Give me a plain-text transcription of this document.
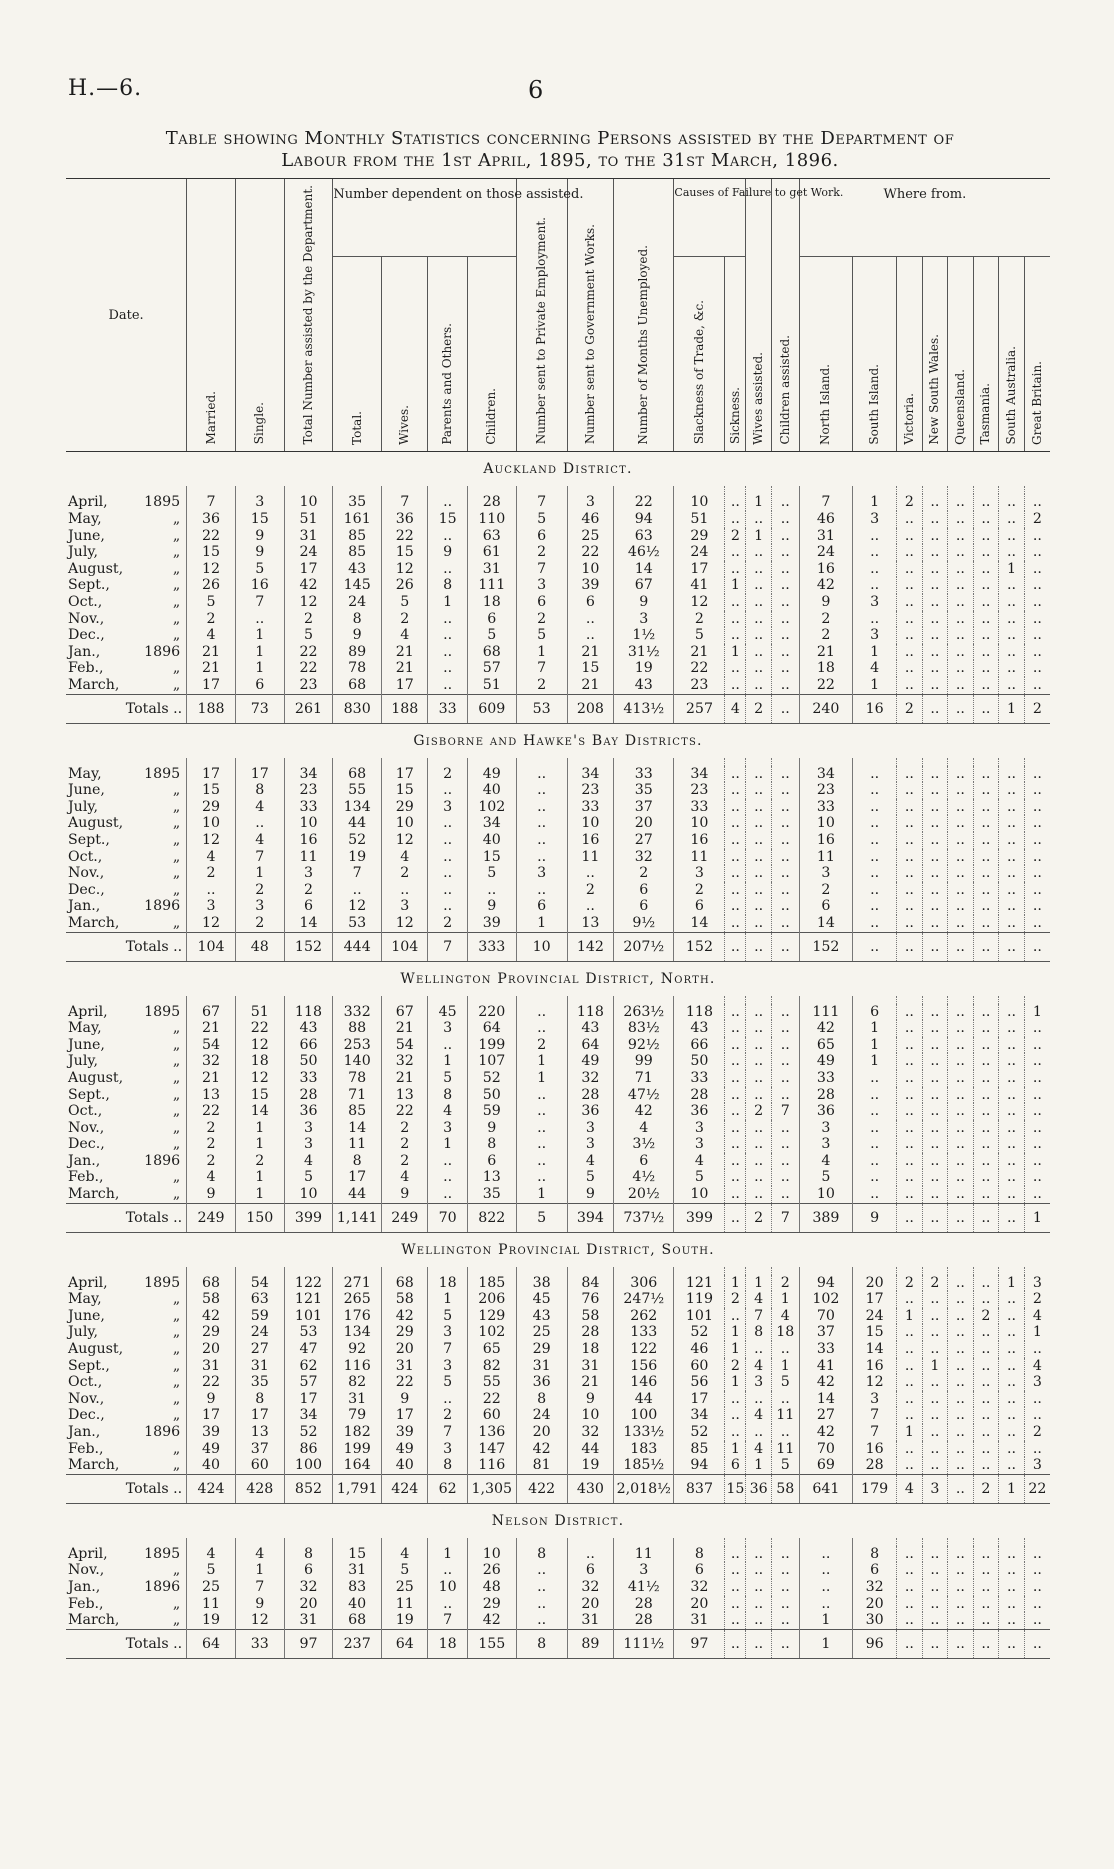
H.—6.	6
Table showing Monthly Statistics concerning Persons assisted by the Department of
Labour from the 1st April, 1895, to the 31st March, 1896.
Date.		Married.	Single.	Total Number assisted by the Department.	Number dependent on those assisted.				Number sent to Private Employment.	Number sent to Government Works.	Number of Months Unemployed.	Causes of Failure to get Work.		Wives assisted.	Children assisted.	Where from.							
					Total.	Wives.	Parents and Others.	Children.				Slackness of Trade, &c.	Sickness.			North Island.	South Island.	Victoria.	New South Wales.	Queensland.	Tasmania.	South Australia.	Great Britain.
Auckland District.																							

April,	1895	7	3	10	35	7	..	28	7	3	22	10	..	1	..	7	1	2	..	..	..	..	..
May,	„	36	15	51	161	36	15	110	5	46	94	51	..	..	..	46	3	..	..	..	..	..	2
June,	„	22	9	31	85	22	..	63	6	25	63	29	2	1	..	31	..	..	..	..	..	..	..
July,	„	15	9	24	85	15	9	61	2	22	46½	24	..	..	..	24	..	..	..	..	..	..	..
August,	„	12	5	17	43	12	..	31	7	10	14	17	..	..	..	16	..	..	..	..	..	1	..
Sept.,	„	26	16	42	145	26	8	111	3	39	67	41	1	..	..	42	..	..	..	..	..	..	..
Oct.,	„	5	7	12	24	5	1	18	6	6	9	12	..	..	..	9	3	..	..	..	..	..	..
Nov.,	„	2	..	2	8	2	..	6	2	..	3	2	..	..	..	2	..	..	..	..	..	..	..
Dec.,	„	4	1	5	9	4	..	5	5	..	1½	5	..	..	..	2	3	..	..	..	..	..	..
Jan.,	1896	21	1	22	89	21	..	68	1	21	31½	21	1	..	..	21	1	..	..	..	..	..	..
Feb.,	„	21	1	22	78	21	..	57	7	15	19	22	..	..	..	18	4	..	..	..	..	..	..
March,	„	17	6	23	68	17	..	51	2	21	43	23	..	..	..	22	1	..	..	..	..	..	..
Totals ..		188	73	261	830	188	33	609	53	208	413½	257	4	2	..	240	16	2	..	..	..	1	2
Gisborne and Hawke's Bay Districts.																							

May,	1895	17	17	34	68	17	2	49	..	34	33	34	..	..	..	34	..	..	..	..	..	..	..
June,	„	15	8	23	55	15	..	40	..	23	35	23	..	..	..	23	..	..	..	..	..	..	..
July,	„	29	4	33	134	29	3	102	..	33	37	33	..	..	..	33	..	..	..	..	..	..	..
August,	„	10	..	10	44	10	..	34	..	10	20	10	..	..	..	10	..	..	..	..	..	..	..
Sept.,	„	12	4	16	52	12	..	40	..	16	27	16	..	..	..	16	..	..	..	..	..	..	..
Oct.,	„	4	7	11	19	4	..	15	..	11	32	11	..	..	..	11	..	..	..	..	..	..	..
Nov.,	„	2	1	3	7	2	..	5	3	..	2	3	..	..	..	3	..	..	..	..	..	..	..
Dec.,	„	..	2	2	..	..	..	..	..	2	6	2	..	..	..	2	..	..	..	..	..	..	..
Jan.,	1896	3	3	6	12	3	..	9	6	..	6	6	..	..	..	6	..	..	..	..	..	..	..
March,	„	12	2	14	53	12	2	39	1	13	9½	14	..	..	..	14	..	..	..	..	..	..	..
Totals ..		104	48	152	444	104	7	333	10	142	207½	152	..	..	..	152	..	..	..	..	..	..	..
Wellington Provincial District, North.																							

April,	1895	67	51	118	332	67	45	220	..	118	263½	118	..	..	..	111	6	..	..	..	..	..	1
May,	„	21	22	43	88	21	3	64	..	43	83½	43	..	..	..	42	1	..	..	..	..	..	..
June,	„	54	12	66	253	54	..	199	2	64	92½	66	..	..	..	65	1	..	..	..	..	..	..
July,	„	32	18	50	140	32	1	107	1	49	99	50	..	..	..	49	1	..	..	..	..	..	..
August,	„	21	12	33	78	21	5	52	1	32	71	33	..	..	..	33	..	..	..	..	..	..	..
Sept.,	„	13	15	28	71	13	8	50	..	28	47½	28	..	..	..	28	..	..	..	..	..	..	..
Oct.,	„	22	14	36	85	22	4	59	..	36	42	36	..	2	7	36	..	..	..	..	..	..	..
Nov.,	„	2	1	3	14	2	3	9	..	3	4	3	..	..	..	3	..	..	..	..	..	..	..
Dec.,	„	2	1	3	11	2	1	8	..	3	3½	3	..	..	..	3	..	..	..	..	..	..	..
Jan.,	1896	2	2	4	8	2	..	6	..	4	6	4	..	..	..	4	..	..	..	..	..	..	..
Feb.,	„	4	1	5	17	4	..	13	..	5	4½	5	..	..	..	5	..	..	..	..	..	..	..
March,	„	9	1	10	44	9	..	35	1	9	20½	10	..	..	..	10	..	..	..	..	..	..	..
Totals ..		249	150	399	1,141	249	70	822	5	394	737½	399	..	2	7	389	9	..	..	..	..	..	1
Wellington Provincial District, South.																							

April,	1895	68	54	122	271	68	18	185	38	84	306	121	1	1	2	94	20	2	2	..	..	1	3
May,	„	58	63	121	265	58	1	206	45	76	247½	119	2	4	1	102	17	..	..	..	..	..	2
June,	„	42	59	101	176	42	5	129	43	58	262	101	..	7	4	70	24	1	..	..	2	..	4
July,	„	29	24	53	134	29	3	102	25	28	133	52	1	8	18	37	15	..	..	..	..	..	1
August,	„	20	27	47	92	20	7	65	29	18	122	46	1	..	..	33	14	..	..	..	..	..	..
Sept.,	„	31	31	62	116	31	3	82	31	31	156	60	2	4	1	41	16	..	1	..	..	..	4
Oct.,	„	22	35	57	82	22	5	55	36	21	146	56	1	3	5	42	12	..	..	..	..	..	3
Nov.,	„	9	8	17	31	9	..	22	8	9	44	17	..	..	..	14	3	..	..	..	..	..	..
Dec.,	„	17	17	34	79	17	2	60	24	10	100	34	..	4	11	27	7	..	..	..	..	..	..
Jan.,	1896	39	13	52	182	39	7	136	20	32	133½	52	..	..	..	42	7	1	..	..	..	..	2
Feb.,	„	49	37	86	199	49	3	147	42	44	183	85	1	4	11	70	16	..	..	..	..	..	..
March,	„	40	60	100	164	40	8	116	81	19	185½	94	6	1	5	69	28	..	..	..	..	..	3
Totals ..		424	428	852	1,791	424	62	1,305	422	430	2,018½	837	15	36	58	641	179	4	3	..	2	1	22
Nelson District.																							

April,	1895	4	4	8	15	4	1	10	8	..	11	8	..	..	..	..	8	..	..	..	..	..	..
Nov.,	„	5	1	6	31	5	..	26	..	6	3	6	..	..	..	..	6	..	..	..	..	..	..
Jan.,	1896	25	7	32	83	25	10	48	..	32	41½	32	..	..	..	..	32	..	..	..	..	..	..
Feb.,	„	11	9	20	40	11	..	29	..	20	28	20	..	..	..	..	20	..	..	..	..	..	..
March,	„	19	12	31	68	19	7	42	..	31	28	31	..	..	..	1	30	..	..	..	..	..	..
Totals ..		64	33	97	237	64	18	155	8	89	111½	97	..	..	..	1	96	..	..	..	..	..	..
